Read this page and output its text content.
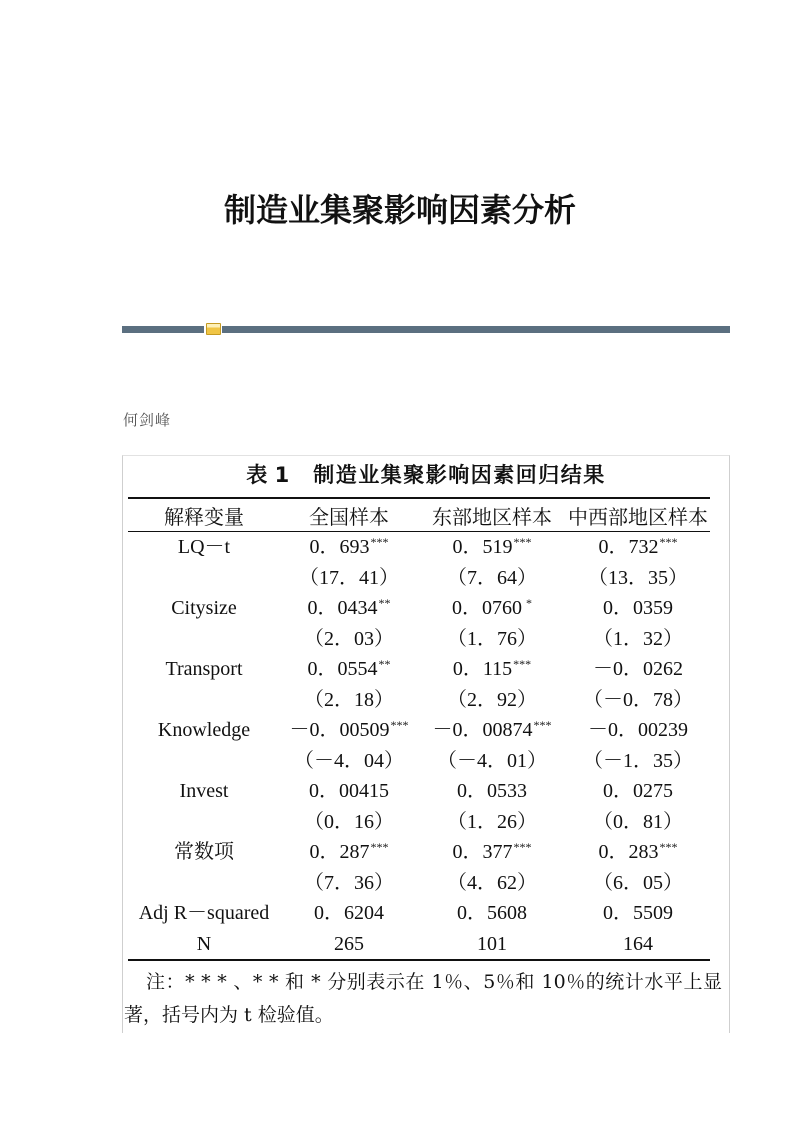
制造业集聚影响因素分析
何剑峰
表 1 制造业集聚影响因素回归结果
解释变量	全国样本	东部地区样本	中西部地区样本
LQ－t	0．693***	0．519***	0．732***
	（17．41）	（7．64）	（13．35）
Citysize	0．0434**	0．0760 *	0．0359
	（2．03）	（1．76）	（1．32）
Transport	0．0554**	0．115***	－0．0262
	（2．18）	（2．92）	（－0．78）
Knowledge	－0．00509***	－0．00874***	－0．00239
	（－4．04）	（－4．01）	（－1．35）
Invest	0．00415	0．0533	0．0275
	（0．16）	（1．26）	（0．81）
常数项	0．287***	0．377***	0．283***
	（7．36）	（4．62）	（6．05）
Adj R－squared	0．6204	0．5608	0．5509
N	265	101	164
注：* * * 、* * 和 * 分别表示在 1％、5％和 10％的统计水平上显
著，括号内为 t 检验值。
